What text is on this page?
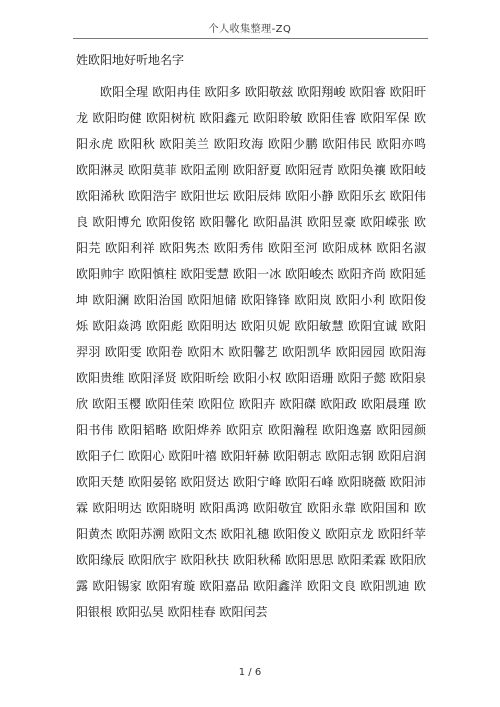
个人收集整理-ZQ
姓欧阳地好听地名字

欧阳全瑆 欧阳冉佳 欧阳多 欧阳敬兹 欧阳翔峻 欧阳睿 欧阳旰龙 欧阳昀健 欧阳树杭 欧阳鑫元 欧阳聆敏 欧阳佳睿 欧阳军保 欧阳永虎 欧阳秋 欧阳美兰 欧阳玫海 欧阳少鹏 欧阳伟民 欧阳亦鸣 欧阳淋灵 欧阳莫菲 欧阳孟刚 欧阳舒夏 欧阳冠青 欧阳奂禳 欧阳岐 欧阳浠秋 欧阳浩宇 欧阳世坛 欧阳辰炜 欧阳小静 欧阳乐玄 欧阳伟良 欧阳博允 欧阳俊铭 欧阳馨化 欧阳晶淇 欧阳昱豪 欧阳嵘张 欧阳芫 欧阳利祥 欧阳隽杰 欧阳秀伟 欧阳至河 欧阳成林 欧阳名淑 欧阳帅宇 欧阳慎柱 欧阳雯慧 欧阳一冰 欧阳峻杰 欧阳齐尚 欧阳延坤 欧阳澜 欧阳治国 欧阳旭储 欧阳锋锋 欧阳岚 欧阳小利 欧阳俊烁 欧阳焱鸿 欧阳彪 欧阳明达 欧阳贝妮 欧阳敏慧 欧阳宜诚 欧阳羿羽 欧阳雯 欧阳卷 欧阳木 欧阳馨艺 欧阳凯华 欧阳园园 欧阳海 欧阳贵维 欧阳泽贤 欧阳昕绘 欧阳小权 欧阳语珊 欧阳子懿 欧阳泉欣 欧阳玉樱 欧阳佳荣 欧阳位 欧阳卉 欧阳磔 欧阳政 欧阳晨瑾 欧阳书伟 欧阳韬略 欧阳烨养 欧阳京 欧阳瀚程 欧阳逸嘉 欧阳园颜 欧阳子仁 欧阳心 欧阳叶禧 欧阳轩赫 欧阳朝志 欧阳志钢 欧阳启润 欧阳天楚 欧阳晏铭 欧阳贤达 欧阳宁峰 欧阳石峰 欧阳晓薇 欧阳沛霖 欧阳明达 欧阳晓明 欧阳禹鸿 欧阳敬宜 欧阳永靠 欧阳国和 欧阳黄杰 欧阳苏溯 欧阳文杰 欧阳礼穗 欧阳俊义 欧阳京龙 欧阳纤苹 欧阳缘辰 欧阳欣宇 欧阳秋扶 欧阳秋稀 欧阳思思 欧阳柔霖 欧阳欣露 欧阳锡家 欧阳宥璇 欧阳嘉品 欧阳鑫洋 欧阳文良 欧阳凯迪 欧阳银根 欧阳弘昊 欧阳桂春 欧阳闰芸

1 / 6
